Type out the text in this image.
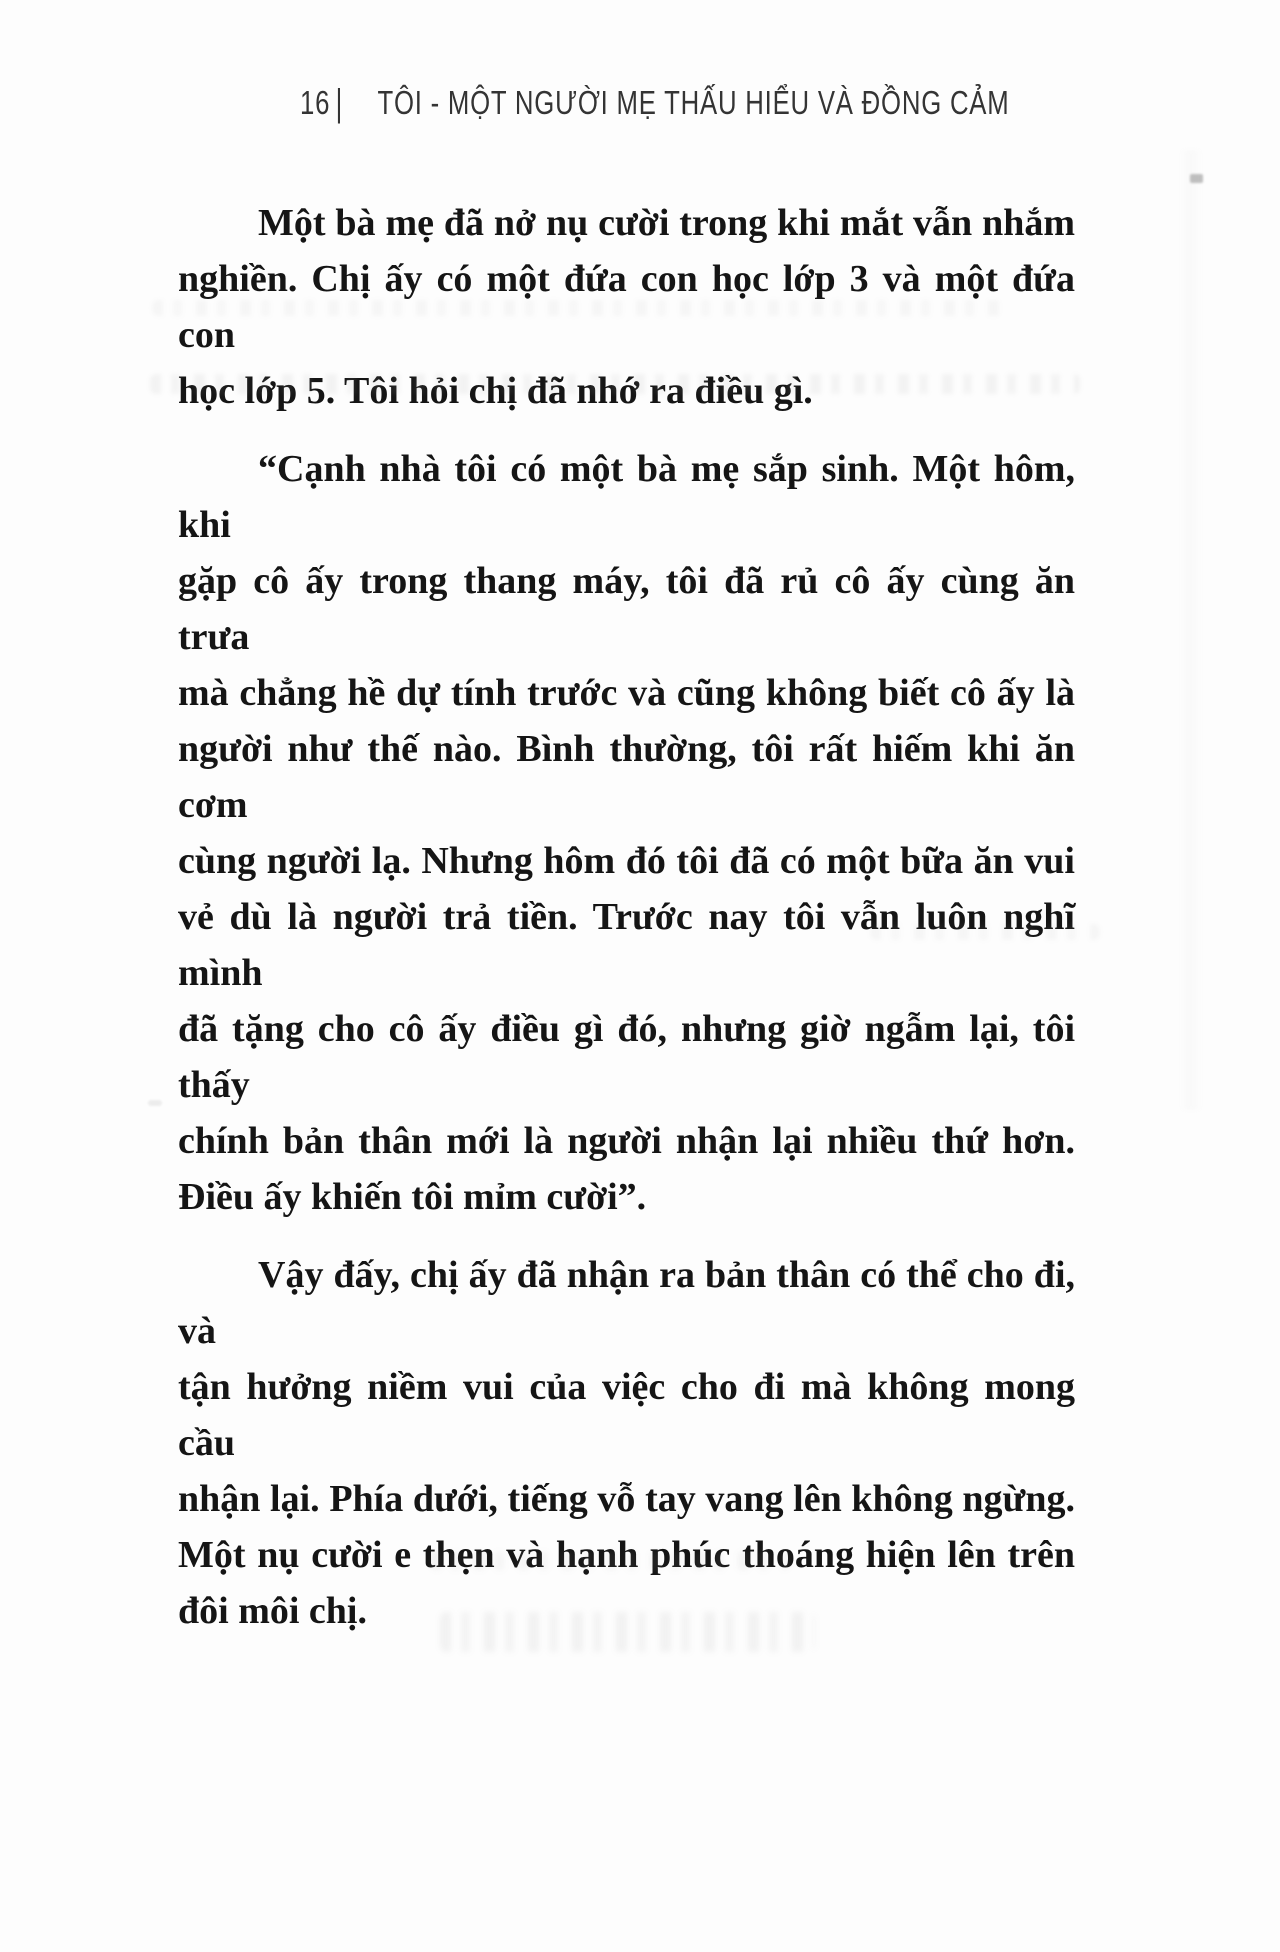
16 | TÔI - MỘT NGƯỜI MẸ THẤU HIỂU VÀ ĐỒNG CẢM
Một bà mẹ đã nở nụ cười trong khi mắt vẫn nhắm
nghiền. Chị ấy có một đứa con học lớp 3 và một đứa con
học lớp 5. Tôi hỏi chị đã nhớ ra điều gì.
“Cạnh nhà tôi có một bà mẹ sắp sinh. Một hôm, khi
gặp cô ấy trong thang máy, tôi đã rủ cô ấy cùng ăn trưa
mà chẳng hề dự tính trước và cũng không biết cô ấy là
người như thế nào. Bình thường, tôi rất hiếm khi ăn cơm
cùng người lạ. Nhưng hôm đó tôi đã có một bữa ăn vui
vẻ dù là người trả tiền. Trước nay tôi vẫn luôn nghĩ mình
đã tặng cho cô ấy điều gì đó, nhưng giờ ngẫm lại, tôi thấy
chính bản thân mới là người nhận lại nhiều thứ hơn.
Điều ấy khiến tôi mỉm cười”.
Vậy đấy, chị ấy đã nhận ra bản thân có thể cho đi, và
tận hưởng niềm vui của việc cho đi mà không mong cầu
nhận lại. Phía dưới, tiếng vỗ tay vang lên không ngừng.
Một nụ cười e thẹn và hạnh phúc thoáng hiện lên trên
đôi môi chị.
